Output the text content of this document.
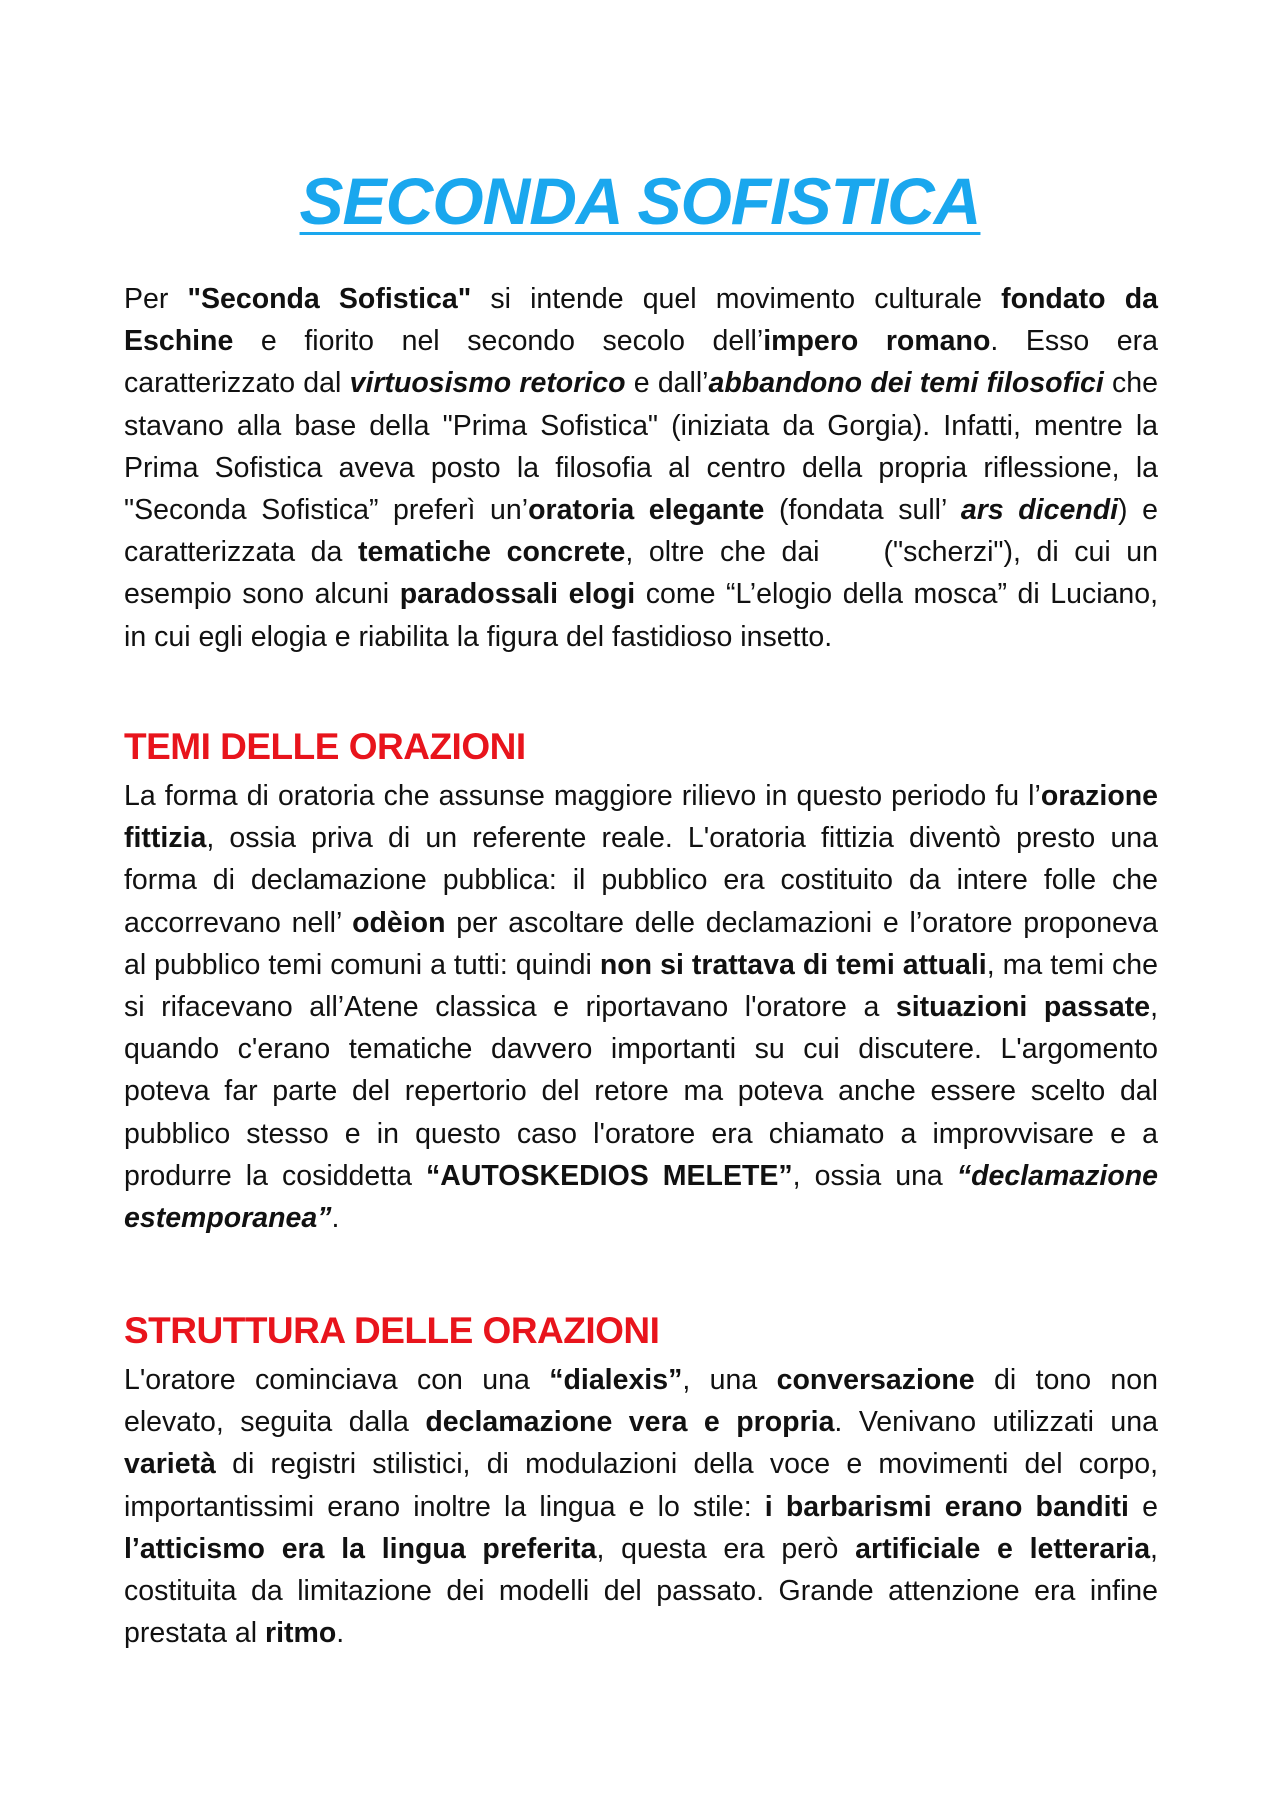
SECONDA SOFISTICA

Per "Seconda Sofistica" si intende quel movimento culturale fondato da Eschine e fiorito nel secondo secolo dell’impero romano. Esso era caratterizzato dal virtuosismo retorico e dall’abbandono dei temi filosofici che stavano alla base della "Prima Sofistica" (iniziata da Gorgia). Infatti, mentre la Prima Sofistica aveva posto la filosofia al centro della propria riflessione, la "Seconda Sofistica” preferì un’oratoria elegante (fondata sull’ ars dicendi) e caratterizzata da tematiche concrete, oltre che dai ("scherzi"), di cui un esempio sono alcuni paradossali elogi come “L’elogio della mosca” di Luciano, in cui egli elogia e riabilita la figura del fastidioso insetto.

TEMI DELLE ORAZIONI

La forma di oratoria che assunse maggiore rilievo in questo periodo fu l’orazione fittizia, ossia priva di un referente reale. L'oratoria fittizia diventò presto una forma di declamazione pubblica: il pubblico era costituito da intere folle che accorrevano nell’ odèion per ascoltare delle declamazioni e l’oratore proponeva al pubblico temi comuni a tutti: quindi non si trattava di temi attuali, ma temi che si rifacevano all’Atene classica e riportavano l'oratore a situazioni passate, quando c'erano tematiche davvero importanti su cui discutere. L'argomento poteva far parte del repertorio del retore ma poteva anche essere scelto dal pubblico stesso e in questo caso l'oratore era chiamato a improvvisare e a produrre la cosiddetta “AUTOSKEDIOS MELETE”, ossia una “declamazione estemporanea”.

STRUTTURA DELLE ORAZIONI

L'oratore cominciava con una “dialexis”, una conversazione di tono non elevato, seguita dalla declamazione vera e propria. Venivano utilizzati una varietà di registri stilistici, di modulazioni della voce e movimenti del corpo, importantissimi erano inoltre la lingua e lo stile: i barbarismi erano banditi e l’atticismo era la lingua preferita, questa era però artificiale e letteraria, costituita da limitazione dei modelli del passato. Grande attenzione era infine prestata al ritmo.
